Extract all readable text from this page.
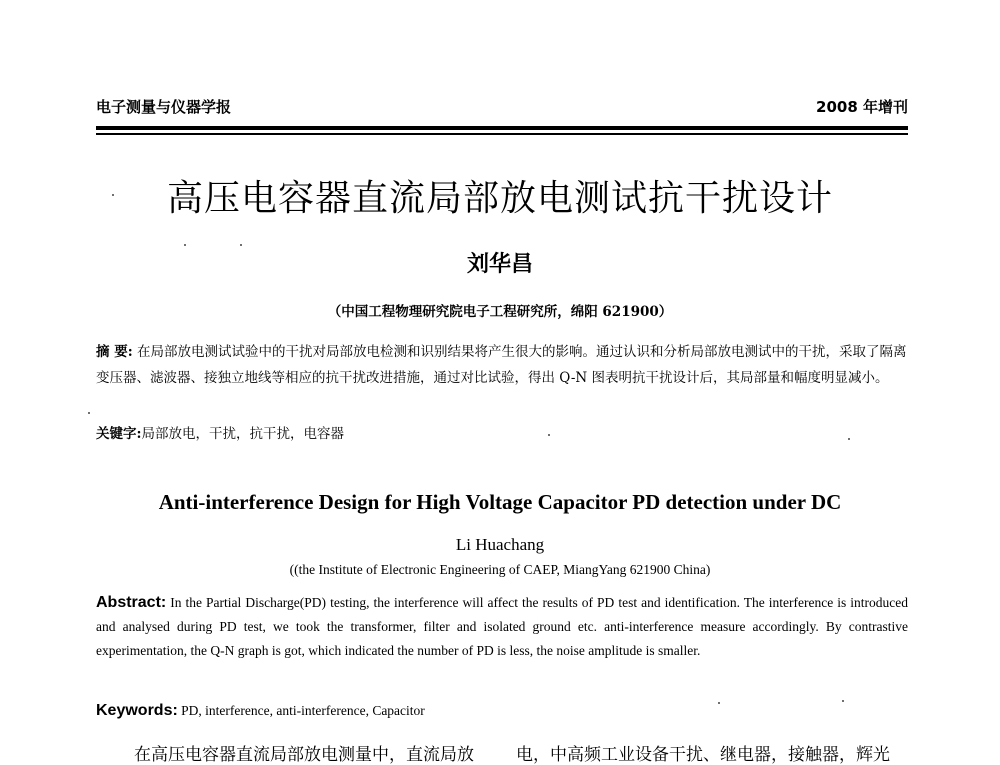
电子测量与仪器学报	2008 年增刊
高压电容器直流局部放电测试抗干扰设计
刘华昌
（中国工程物理研究院电子工程研究所，绵阳 621900）
摘 要: 在局部放电测试试验中的干扰对局部放电检测和识别结果将产生很大的影响。通过认识和分析局部放电测试中的干扰，采取了隔离变压器、滤波器、接独立地线等相应的抗干扰改进措施，通过对比试验，得出 Q-N 图表明抗干扰设计后，其局部量和幅度明显减小。
关键字:局部放电，干扰，抗干扰，电容器
Anti-interference Design for High Voltage Capacitor PD detection under DC
Li Huachang
((the Institute of Electronic Engineering of CAEP, MiangYang 621900 China)
Abstract: In the Partial Discharge(PD) testing, the interference will affect the results of PD test and identification. The interference is introduced and analysed during PD test, we took the transformer, filter and isolated ground etc. anti-interference measure accordingly. By contrastive experimentation, the Q-N graph is got, which indicated the number of PD is less, the noise amplitude is smaller.
Keywords: PD, interference, anti-interference, Capacitor
在高压电容器直流局部放电测量中，直流局放 电，中高频工业设备干扰、继电器，接触器，辉光
